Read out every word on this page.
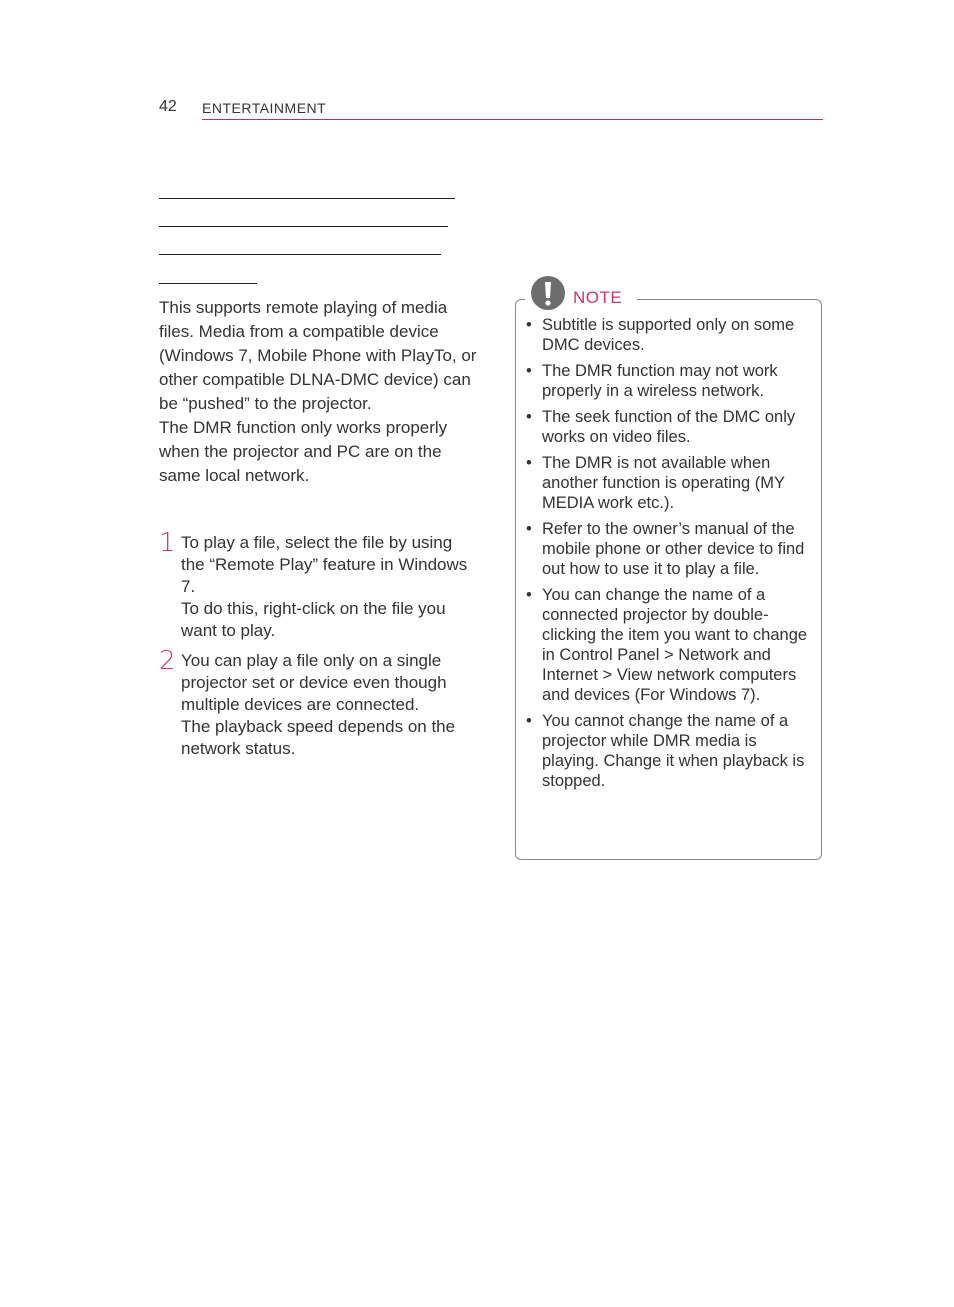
42 ENTERTAINMENT

This supports remote playing of media files. Media from a compatible device (Windows 7, Mobile Phone with PlayTo, or other compatible DLNA-DMC device) can be “pushed” to the projector.

The DMR function only works properly when the projector and PC are on the same local network.

1 To play a file, select the file by using the “Remote Play” feature in Windows 7.

To do this, right-click on the file you want to play.

2 You can play a file only on a single projector set or device even though multiple devices are connected.

The playback speed depends on the network status.

NOTE
• Subtitle is supported only on some DMC devices.
• The DMR function may not work properly in a wireless network.
• The seek function of the DMC only works on video files.
• The DMR is not available when another function is operating (MY MEDIA work etc.).
• Refer to the owner’s manual of the mobile phone or other device to find out how to use it to play a file.
• You can change the name of a connected projector by double-clicking the item you want to change in Control Panel > Network and Internet > View network computers and devices (For Windows 7).
• You cannot change the name of a projector while DMR media is playing. Change it when playback is stopped.
